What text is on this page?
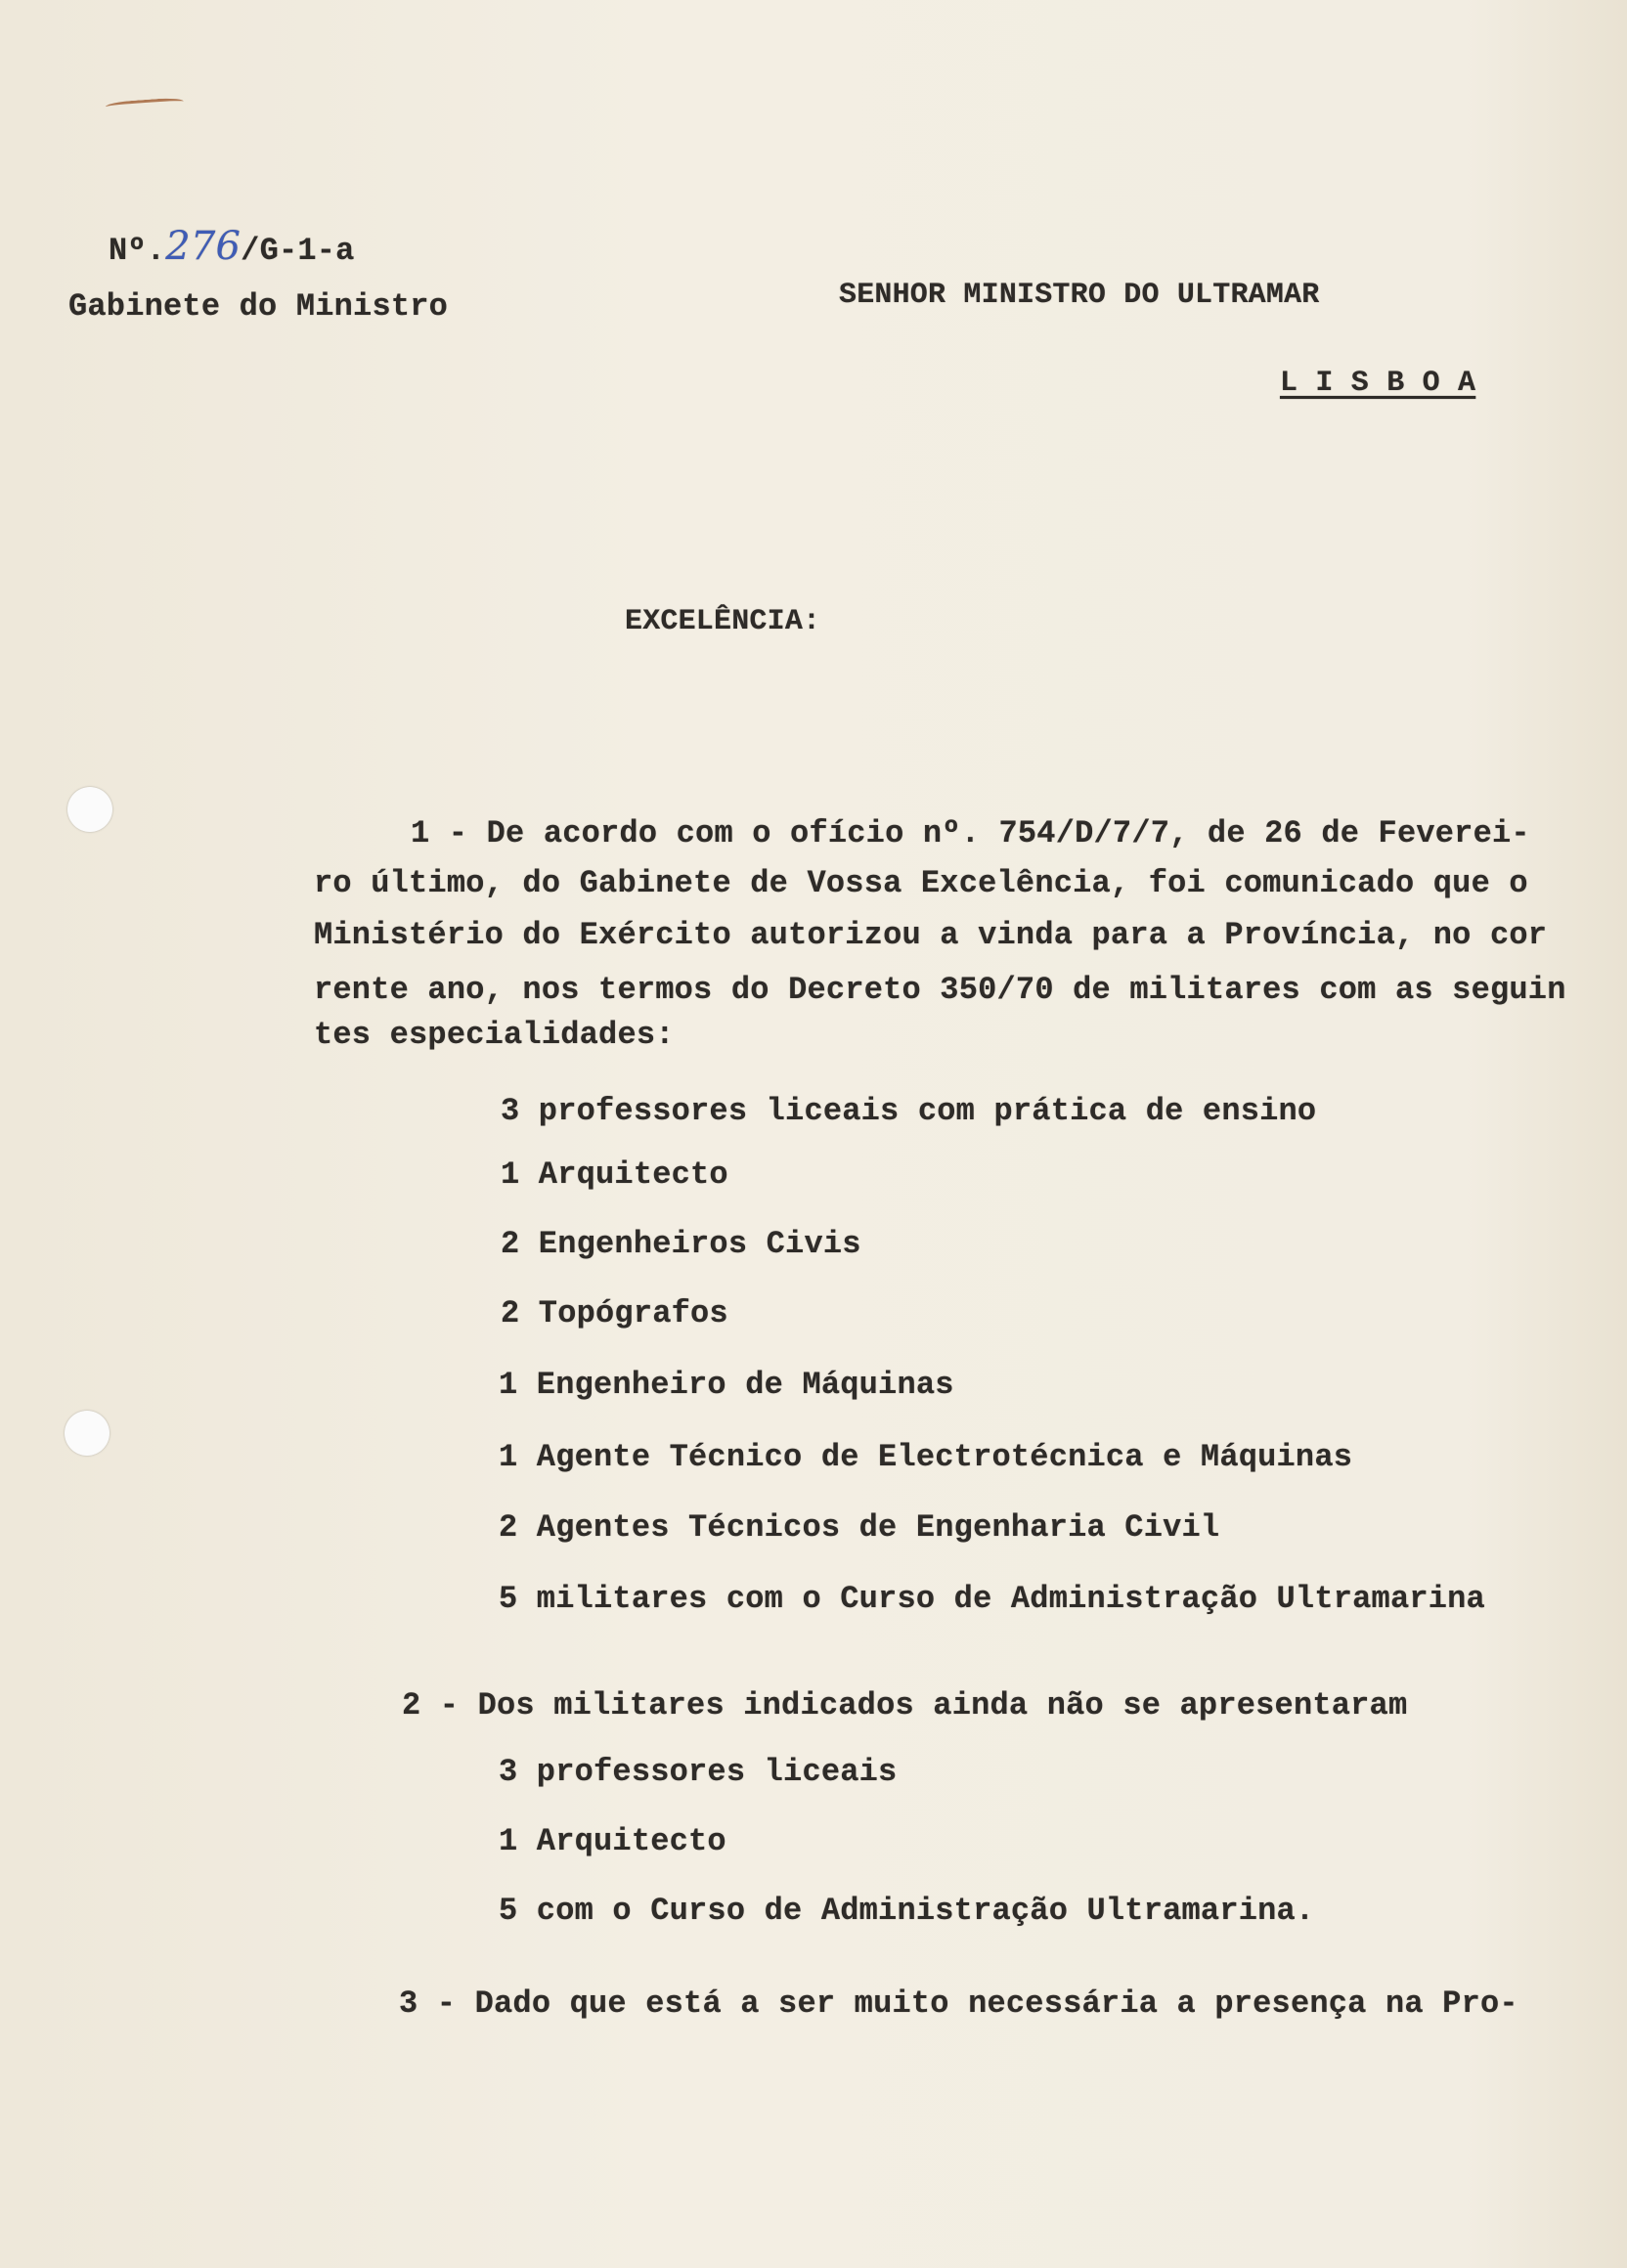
Nº.276/G-1-a
Gabinete do Ministro	SENHOR MINISTRO DO ULTRAMAR
L I S B O A
EXCELÊNCIA:
1 - De acordo com o ofício nº. 754/D/7/7, de 26 de Feverei-
ro último, do Gabinete de Vossa Excelência, foi comunicado que o
Ministério do Exército autorizou a vinda para a Província, no cor
rente ano, nos termos do Decreto 350/70 de militares com as seguin
tes especialidades:
3 professores liceais com prática de ensino
1 Arquitecto
2 Engenheiros Civis
2 Topógrafos
1 Engenheiro de Máquinas
1 Agente Técnico de Electrotécnica e Máquinas
2 Agentes Técnicos de Engenharia Civil
5 militares com o Curso de Administração Ultramarina
2 - Dos militares indicados ainda não se apresentaram
3 professores liceais
1 Arquitecto
5 com o Curso de Administração Ultramarina.
3 - Dado que está a ser muito necessária a presença na Pro-
